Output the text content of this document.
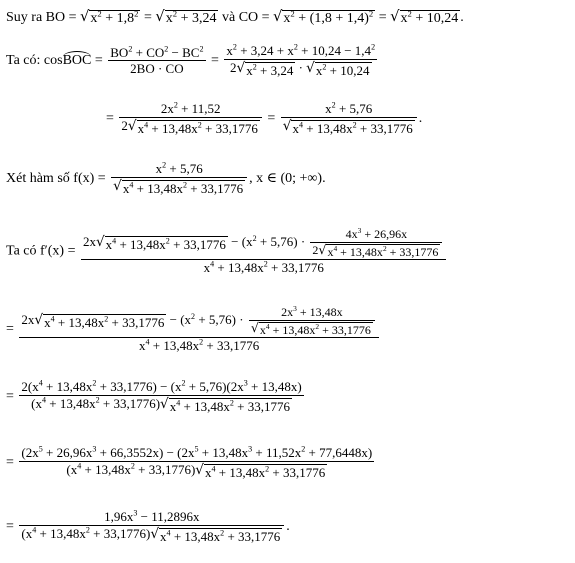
Suy ra BO = √ $x^2 + 1,8^2$ = √ $x^2 + 3,24$ và CO = √ $x^2 + (1,8 + 1,4)^2$ = √ $x^2 + 10,24$ .
Ta có: cosBOC = $\frac{BO^2 + CO^2 - BC^2}{2BO \cdot CO} = \frac{x^2 + 3,24 + x^2 + 10,24 - 1,4^2}{2 √ x^2 + 3,24 \cdot √ x^2 + 10,24}$
= $\frac{2x^2 + 11,52}{2 √ x^4 + 13,48x^2 + 33,1776} = \frac{x^2 + 5,76}{√ x^4 + 13,48x^2 + 33,1776}$ .
Xét hàm số $f(x) = \frac{x^2 + 5,76}{√ x^4 + 13,48x^2 + 33,1776}$ , x ∈ (0; +∞).
Ta có f′(x) =
2x √ $x^4 + 13,48x^2 + 33,1776 - (x^2 + 5,76) \cdot \frac{4x^3 + 26,96x}{2 √ x^4 + 13,48x^2 + 33,1776}$
$x^4 + 13,48x^2 + 33,1776$
=
2x √ $x^4 + 13,48x^2 + 33,1776 - (x^2 + 5,76) \cdot \frac{2x^3 + 13,48x}{√ x^4 + 13,48x^2 + 33,1776}$
$x^4 + 13,48x^2 + 33,1776$
= $\frac{2(x^4 + 13,48x^2 + 33,1776) - (x^2 + 5,76)(2x^3 + 13,48x)}{(x^4 + 13,48x^2 + 33,1776) √ x^4 + 13,48x^2 + 33,1776}$
=
$(2x^5 + 26,96x^3 + 66,3552x) - (2x^5 + 13,48x^3 + 11,52x^2 + 77,6448x)$
$(x^4 + 13,48x^2 + 33,1776)$ √ $x^4 + 13,48x^2 + 33,1776$
= $\frac{1,96x^3 - 11,2896x}{(x^4 + 13,48x^2 + 33,1776) √ x^4 + 13,48x^2 + 33,1776}$ .
